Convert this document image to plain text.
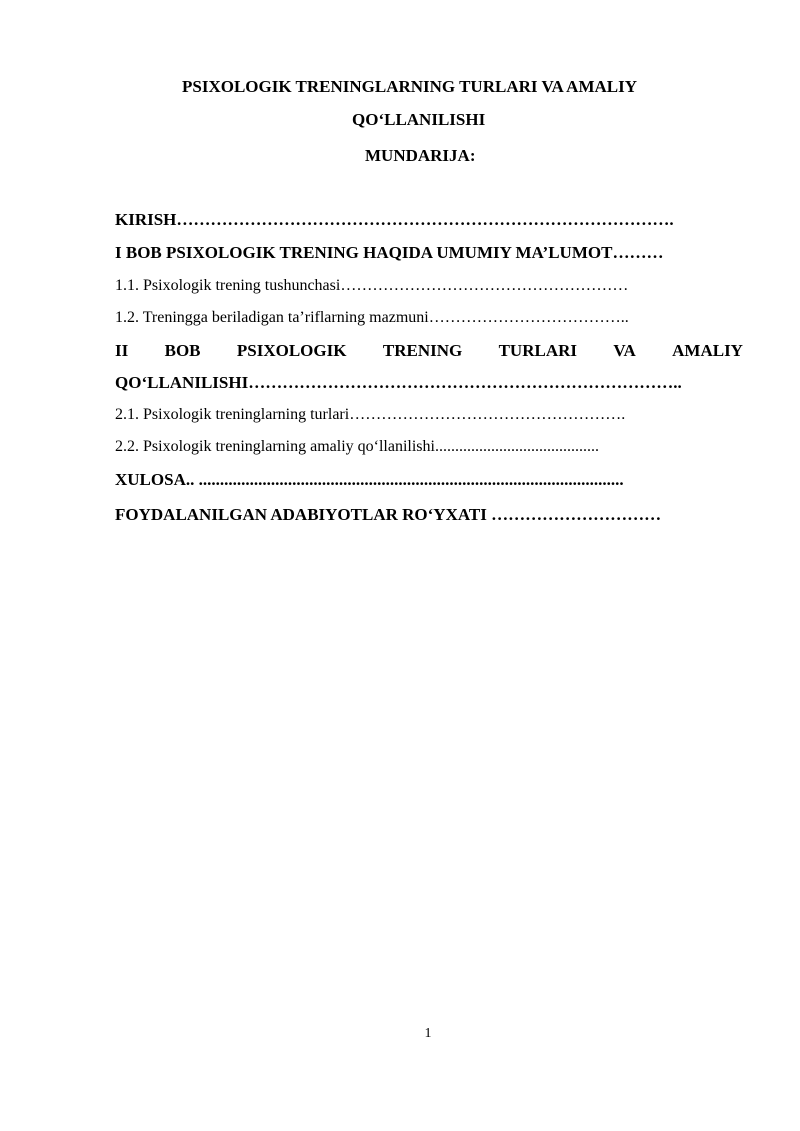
PSIXOLOGIK TRENINGLARNING TURLARI VA AMALIY
QO‘LLANILISHI
MUNDARIJA:
KIRISH…………………………………………………………………………….
I BOB PSIXOLOGIK TRENING HAQIDA UMUMIY MA’LUMOT………
1.1. Psixologik trening tushunchasi………………………………………………
1.2. Treningga beriladigan ta’riflarning mazmuni………………………………..
II BOB PSIXOLOGIK TRENING TURLARI VA AMALIY
QO‘LLANILISHI…………………………………………………………………..
2.1. Psixologik treninglarning turlari…………………………………………….
2.2. Psixologik treninglarning amaliy qo‘llanilishi.........................................
XULOSA.. ....................................................................................................
FOYDALANILGAN ADABIYOTLAR RO‘YXATI …………………………
1
